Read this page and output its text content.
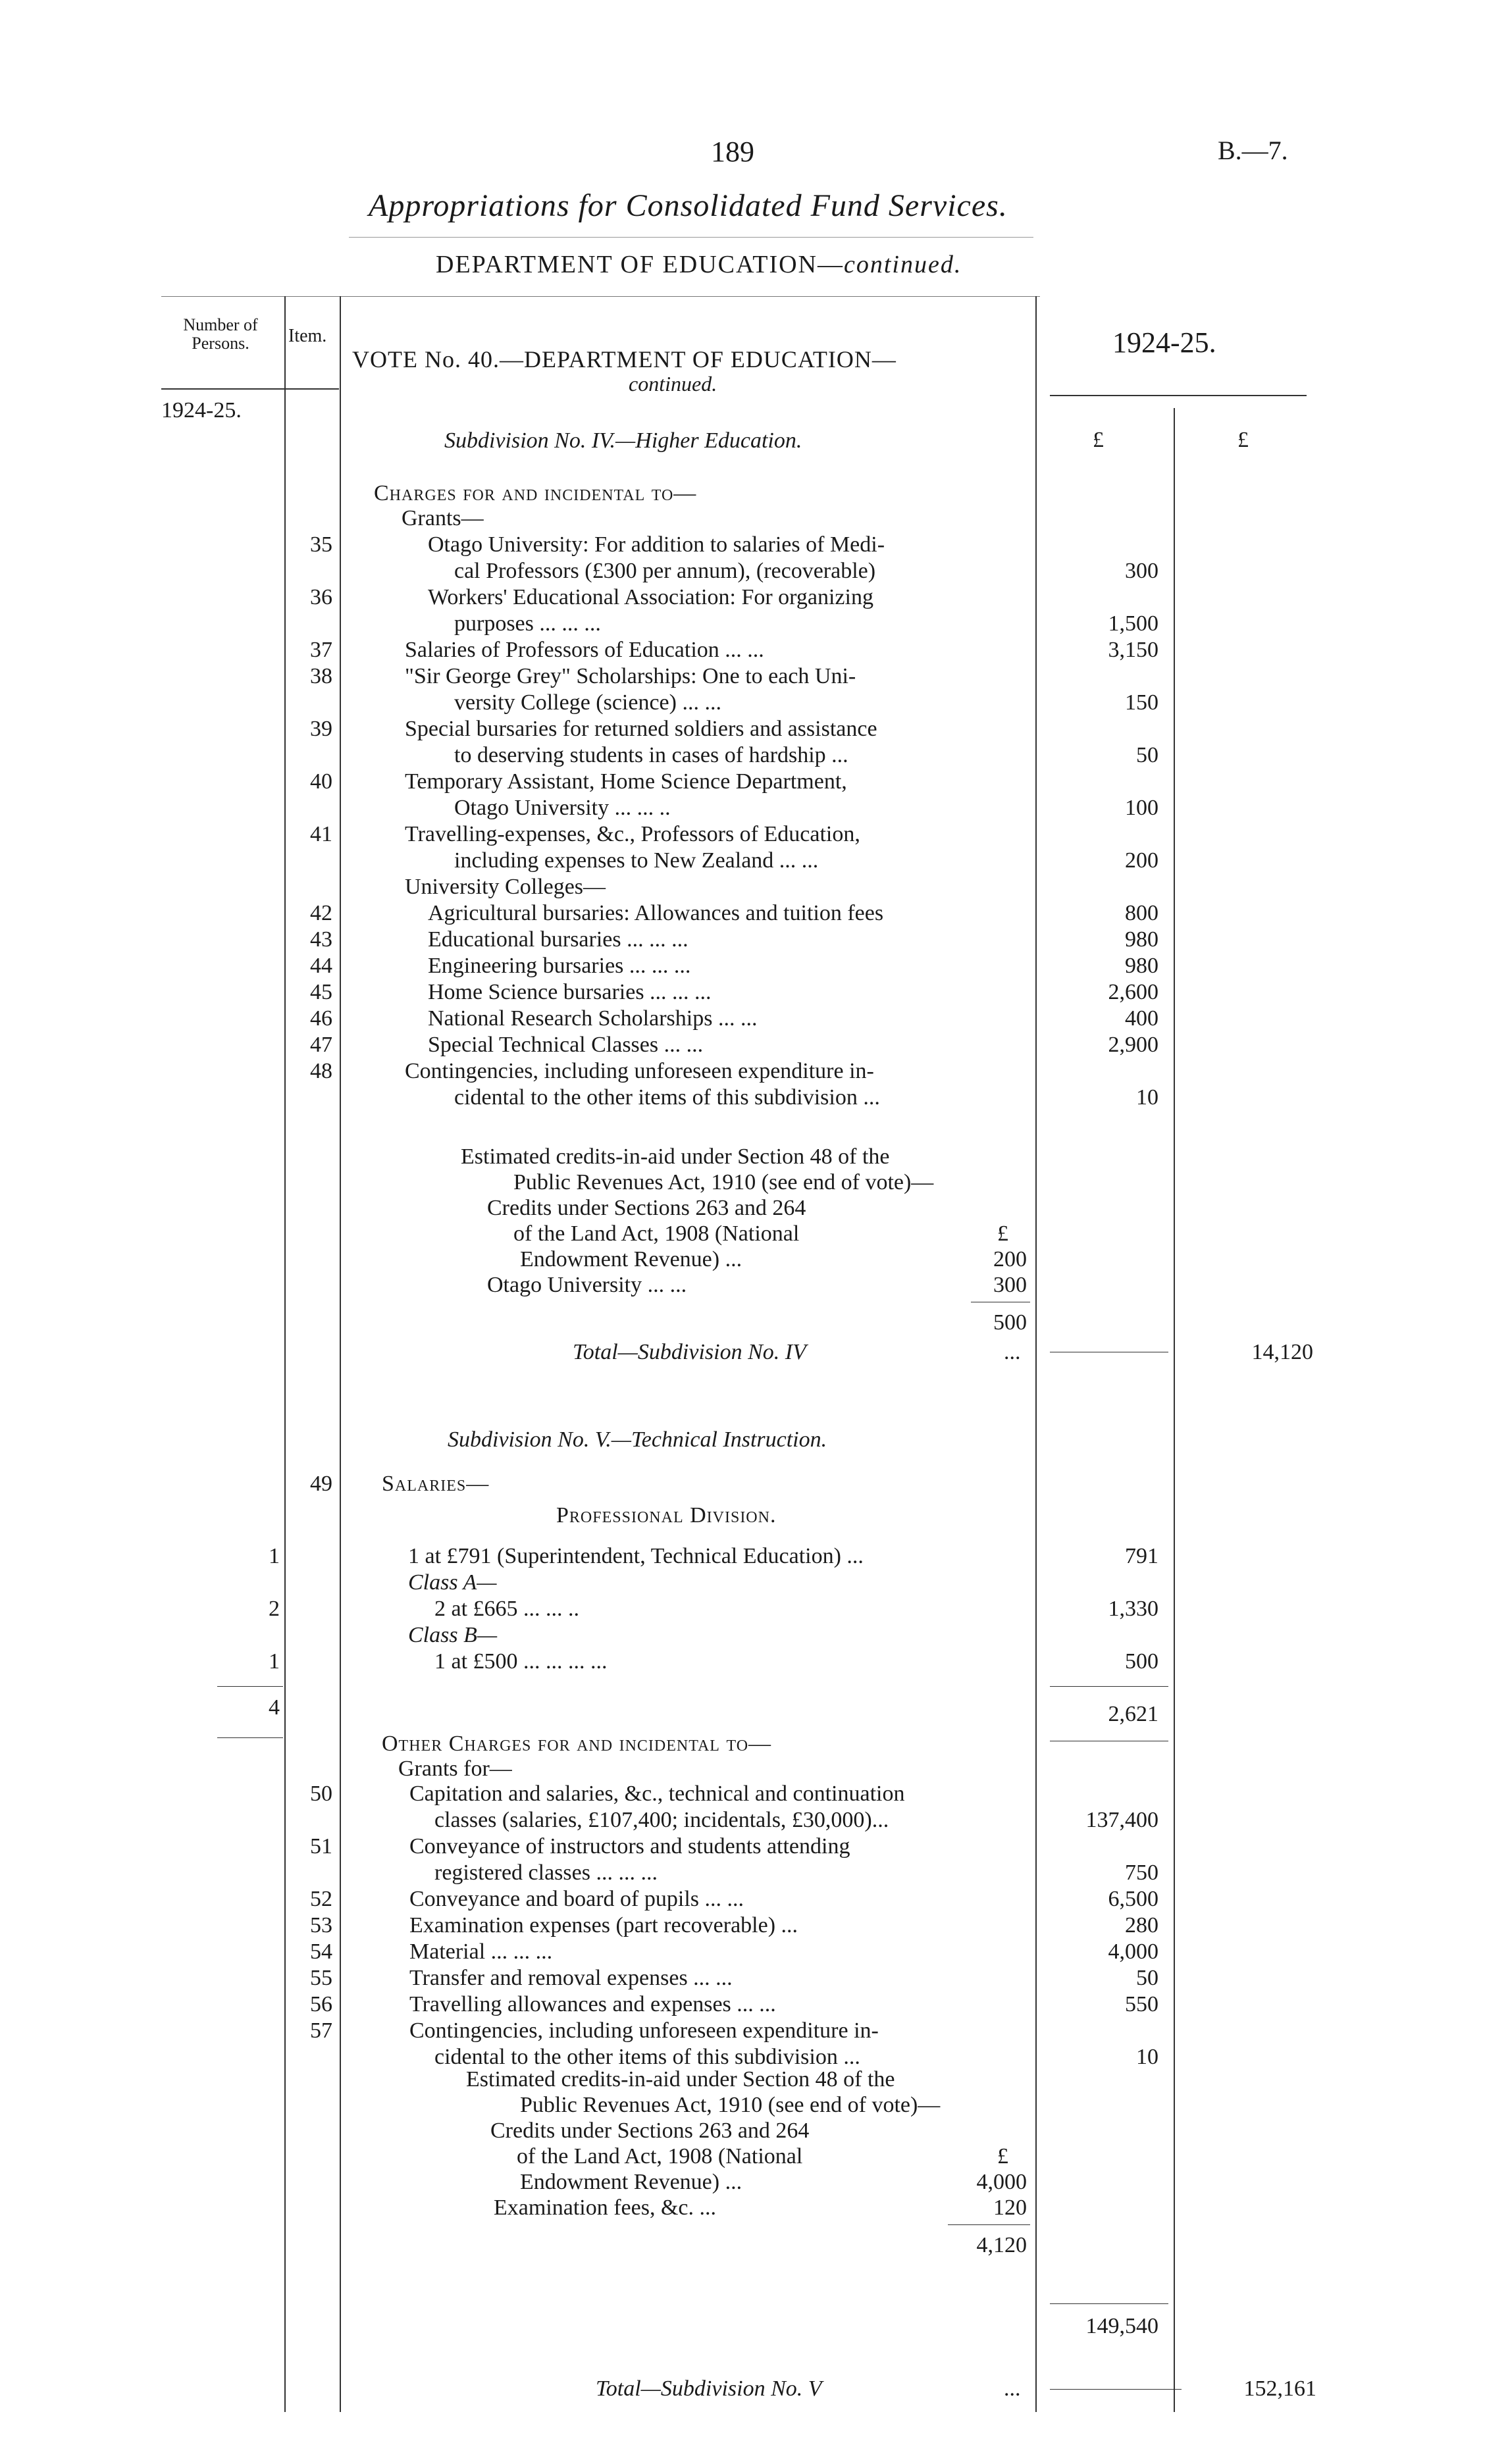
189	B.—7.
Appropriations for Consolidated Fund Services.
DEPARTMENT OF EDUCATION—continued.
Number of Persons.	Item.
1924-25.
VOTE No. 40.—DEPARTMENT OF EDUCATION—
continued.
1924-25.
£	£
Subdivision No. IV.—Higher Education.
Charges for and incidental to—
Grants—
35	Otago University: For addition to salaries of Medi-
cal Professors (£300 per annum), (recoverable)	300
36	Workers' Educational Association: For organizing
purposes ... ... ...	1,500
37	Salaries of Professors of Education ... ...	3,150
38	"Sir George Grey" Scholarships: One to each Uni-
versity College (science) ... ...	150
39	Special bursaries for returned soldiers and assistance
to deserving students in cases of hardship ...	50
40	Temporary Assistant, Home Science Department,
Otago University ... ... ..	100
41	Travelling-expenses, &c., Professors of Education,
including expenses to New Zealand ... ...	200
University Colleges—
42	Agricultural bursaries: Allowances and tuition fees	800
43	Educational bursaries ... ... ...	980
44	Engineering bursaries ... ... ...	980
45	Home Science bursaries ... ... ...	2,600
46	National Research Scholarships ... ...	400
47	Special Technical Classes ... ...	2,900
48	Contingencies, including unforeseen expenditure in-
cidental to the other items of this subdivision ...	10
Estimated credits-in-aid under Section 48 of the
Public Revenues Act, 1910 (see end of vote)—
Credits under Sections 263 and 264
of the Land Act, 1908 (National	£
Endowment Revenue) ...	200
Otago University ... ...	300
500
Total—Subdivision No. IV	...	14,120
Subdivision No. V.—Technical Instruction.
49 Salaries—
Professional Division.
1	1 at £791 (Superintendent, Technical Education) ...	791
Class A—
2	2 at £665 ... ... ..	1,330
Class B—
1	1 at £500 ... ... ... ...	500
4	2,621
Other Charges for and incidental to—
Grants for—
50	Capitation and salaries, &c., technical and continuation
classes (salaries, £107,400; incidentals, £30,000)...	137,400
51	Conveyance of instructors and students attending
registered classes ... ... ...	750
52	Conveyance and board of pupils ... ...	6,500
53	Examination expenses (part recoverable) ...	280
54	Material ... ... ...	4,000
55	Transfer and removal expenses ... ...	50
56	Travelling allowances and expenses ... ...	550
57	Contingencies, including unforeseen expenditure in-
cidental to the other items of this subdivision ...	10
Estimated credits-in-aid under Section 48 of the
Public Revenues Act, 1910 (see end of vote)—
Credits under Sections 263 and 264
of the Land Act, 1908 (National	£
Endowment Revenue) ...	4,000
Examination fees, &c. ...	120
4,120
149,540
Total—Subdivision No. V	...	152,161
